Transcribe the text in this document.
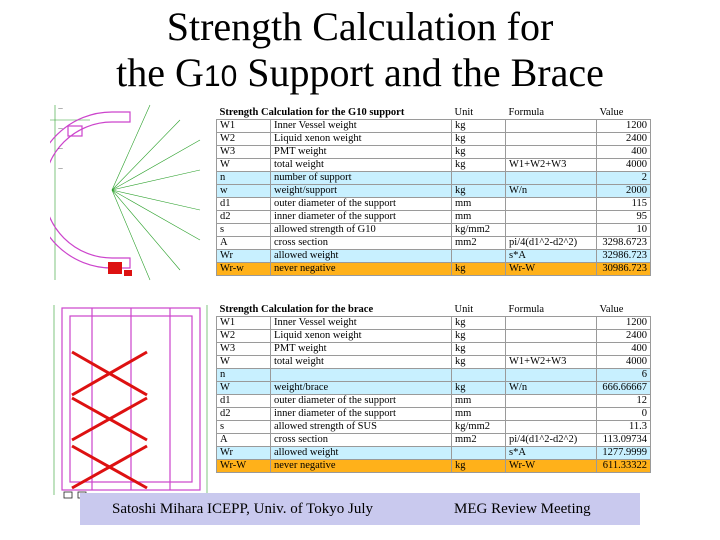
Strength Calculation for
the G10 Support and the Brace
—
—
—
—
Strength Calculation for the G10 support		Unit	Formula	Value
W1	Inner Vessel weight	kg		1200
W2	Liquid xenon weight	kg		2400
W3	PMT weight	kg		400
W	total weight	kg	W1+W2+W3	4000
n	number of support			2
w	weight/support	kg	W/n	2000
d1	outer diameter of the support	mm		115
d2	inner diameter of the support	mm		95
s	allowed strength of G10	kg/mm2		10
A	cross section	mm2	pi/4(d1^2-d2^2)	3298.6723
Wr	allowed weight		s*A	32986.723
Wr-w	never negative	kg	Wr-W	30986.723
Strength Calculation for the brace		Unit	Formula	Value
W1	Inner Vessel weight	kg		1200
W2	Liquid xenon weight	kg		2400
W3	PMT weight	kg		400
W	total weight	kg	W1+W2+W3	4000
n				6
W	weight/brace	kg	W/n	666.66667
d1	outer diameter of the support	mm		12
d2	inner diameter of the support	mm		0
s	allowed strength of SUS	kg/mm2		11.3
A	cross section	mm2	pi/4(d1^2-d2^2)	113.09734
Wr	allowed weight		s*A	1277.9999
Wr-W	never negative	kg	Wr-W	611.33322
Satoshi Mihara ICEPP, Univ. of Tokyo July	MEG Review Meeting
